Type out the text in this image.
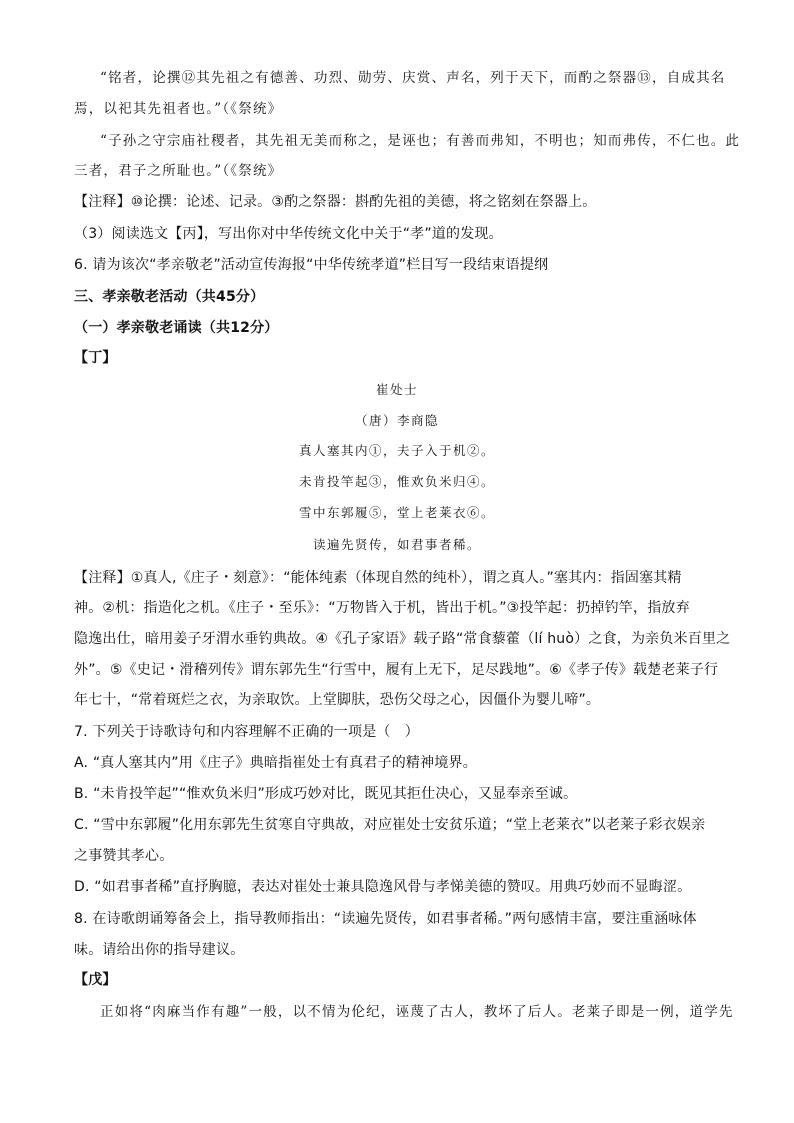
“铭者，论撰⑫其先祖之有德善、功烈、勋劳、庆赏、声名，列于天下，而酌之祭器⑬，自成其名
焉，以祀其先祖者也。”（《祭统》
“子孙之守宗庙社稷者，其先祖无美而称之，是诬也；有善而弗知，不明也；知而弗传，不仁也。此
三者，君子之所耻也。”（《祭统》
【注释】⑩论撰：论述、记录。③酌之祭器：斟酌先祖的美德，将之铭刻在祭器上。
（3）阅读选文【丙】，写出你对中华传统文化中关于“孝”道的发现。
6. 请为该次“孝亲敬老”活动宣传海报“中华传统孝道”栏目写一段结束语提纲
三、孝亲敬老活动（共45分）
（一）孝亲敬老诵读（共12分）
【丁】
崔处士
（唐）李商隐
真人塞其内①，夫子入于机②。
未肯投竿起③，惟欢负米归④。
雪中东郭履⑤，堂上老莱衣⑥。
读遍先贤传，如君事者稀。
【注释】①真人,《庄子・刻意》：“能体纯素（体现自然的纯朴），谓之真人。”塞其内：指固塞其精
神。②机：指造化之机。《庄子・至乐》：“万物皆入于机，皆出于机。”③投竿起：扔掉钓竿，指放弃
隐逸出仕，暗用姜子牙渭水垂钓典故。④《孔子家语》载子路“常食藜藿（lí huò）之食，为亲负米百里之
外”。⑤《史记・滑稽列传》谓东郭先生“行雪中，履有上无下，足尽践地”。⑥《孝子传》载楚老莱子行
年七十，“常着斑烂之衣，为亲取饮。上堂脚肤，恐伤父母之心，因僵仆为婴儿啼”。
7. 下列关于诗歌诗句和内容理解不正确的一项是（　）
A. “真人塞其内”用《庄子》典暗指崔处士有真君子的精神境界。
B. “未肯投竿起”“惟欢负米归”形成巧妙对比，既见其拒仕决心，又显奉亲至诚。
C. “雪中东郭履”化用东郭先生贫寒自守典故，对应崔处士安贫乐道；“堂上老莱衣”以老莱子彩衣娱亲
之事赞其孝心。
D. “如君事者稀”直抒胸臆，表达对崔处士兼具隐逸风骨与孝悌美德的赞叹。用典巧妙而不显晦涩。
8. 在诗歌朗诵筹备会上，指导教师指出：“读遍先贤传，如君事者稀。”两句感情丰富，要注重涵咏体
味。请给出你的指导建议。
【戊】
正如将“肉麻当作有趣”一般，以不情为伦纪，诬蔑了古人，教坏了后人。老莱子即是一例，道学先
